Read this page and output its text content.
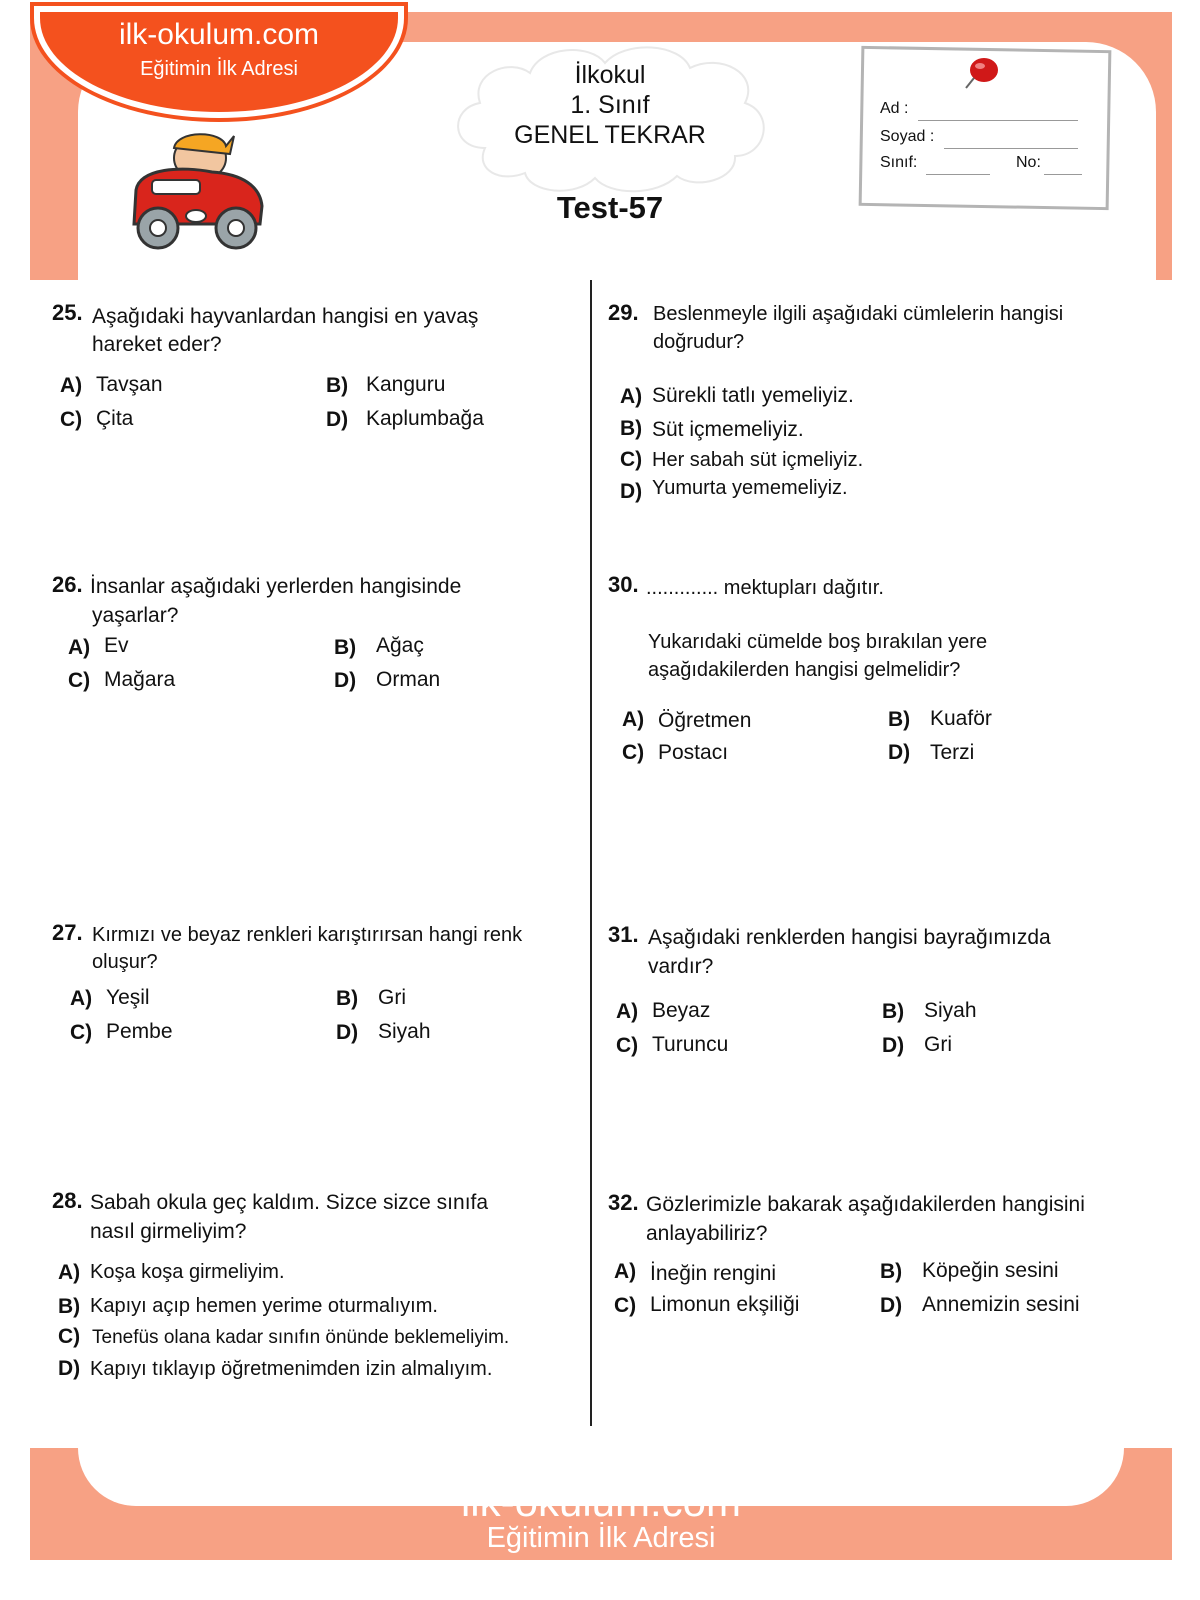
ilk-okulum.com
Eğitimin İlk Adresi	İlkokul
1. Sınıf
GENEL TEKRAR
Test-57
Ad :
Soyad :
Sınıf:	No:
25. Aşağıdaki hayvanlardan hangisi en yavaş
hareket eder?
A) Tavşan	B) Kanguru
C) Çita	D) Kaplumbağa
26. İnsanlar aşağıdaki yerlerden hangisinde
yaşarlar?
A) Ev	B) Ağaç
C) Mağara	D) Orman
27. Kırmızı ve beyaz renkleri karıştırırsan hangi renk
oluşur?
A) Yeşil	B) Gri
C) Pembe	D) Siyah
28. Sabah okula geç kaldım. Sizce sizce sınıfa
nasıl girmeliyim?
A) Koşa koşa girmeliyim.
B) Kapıyı açıp hemen yerime oturmalıyım.
C) Tenefüs olana kadar sınıfın önünde beklemeliyim.
D) Kapıyı tıklayıp öğretmenimden izin almalıyım.
29. Beslenmeyle ilgili aşağıdaki cümlelerin hangisi
doğrudur?
A) Sürekli tatlı yemeliyiz.
B) Süt içmemeliyiz.
C) Her sabah süt içmeliyiz.
D) Yumurta yememeliyiz.
30. ............. mektupları dağıtır.
Yukarıdaki cümelde boş bırakılan yere
aşağıdakilerden hangisi gelmelidir?
A) Öğretmen	B) Kuaför
C) Postacı	D) Terzi
31. Aşağıdaki renklerden hangisi bayrağımızda
vardır?
A) Beyaz	B) Siyah
C) Turuncu	D) Gri
32. Gözlerimizle bakarak aşağıdakilerden hangisini
anlayabiliriz?
A) İneğin rengini	B) Köpeğin sesini
C) Limonun ekşiliği	D) Annemizin sesini
ilk-okulum.com
Eğitimin İlk Adresi
